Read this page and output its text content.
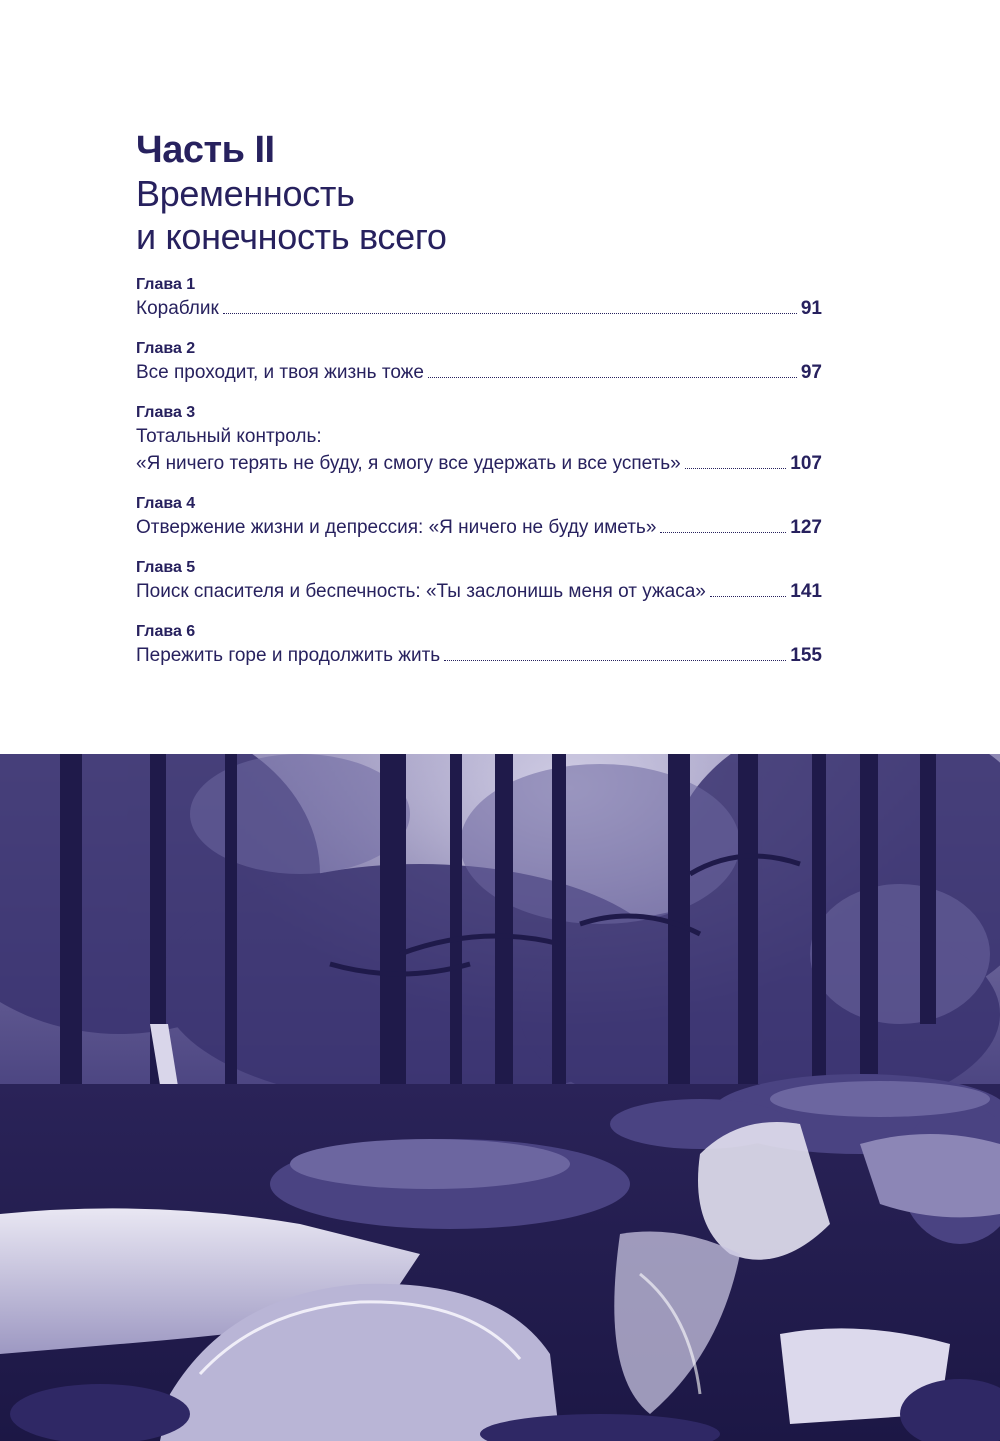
Часть II
Временность
и конечность всего
Глава 1
Кораблик	91
Глава 2
Все проходит, и твоя жизнь тоже	97
Глава 3
Тотальный контроль:
«Я ничего терять не буду, я смогу все удержать и все успеть»	107
Глава 4
Отвержение жизни и депрессия: «Я ничего не буду иметь»	127
Глава 5
Поиск спасителя и беспечность: «Ты заслонишь меня от ужаса»	141
Глава 6
Пережить горе и продолжить жить	155
